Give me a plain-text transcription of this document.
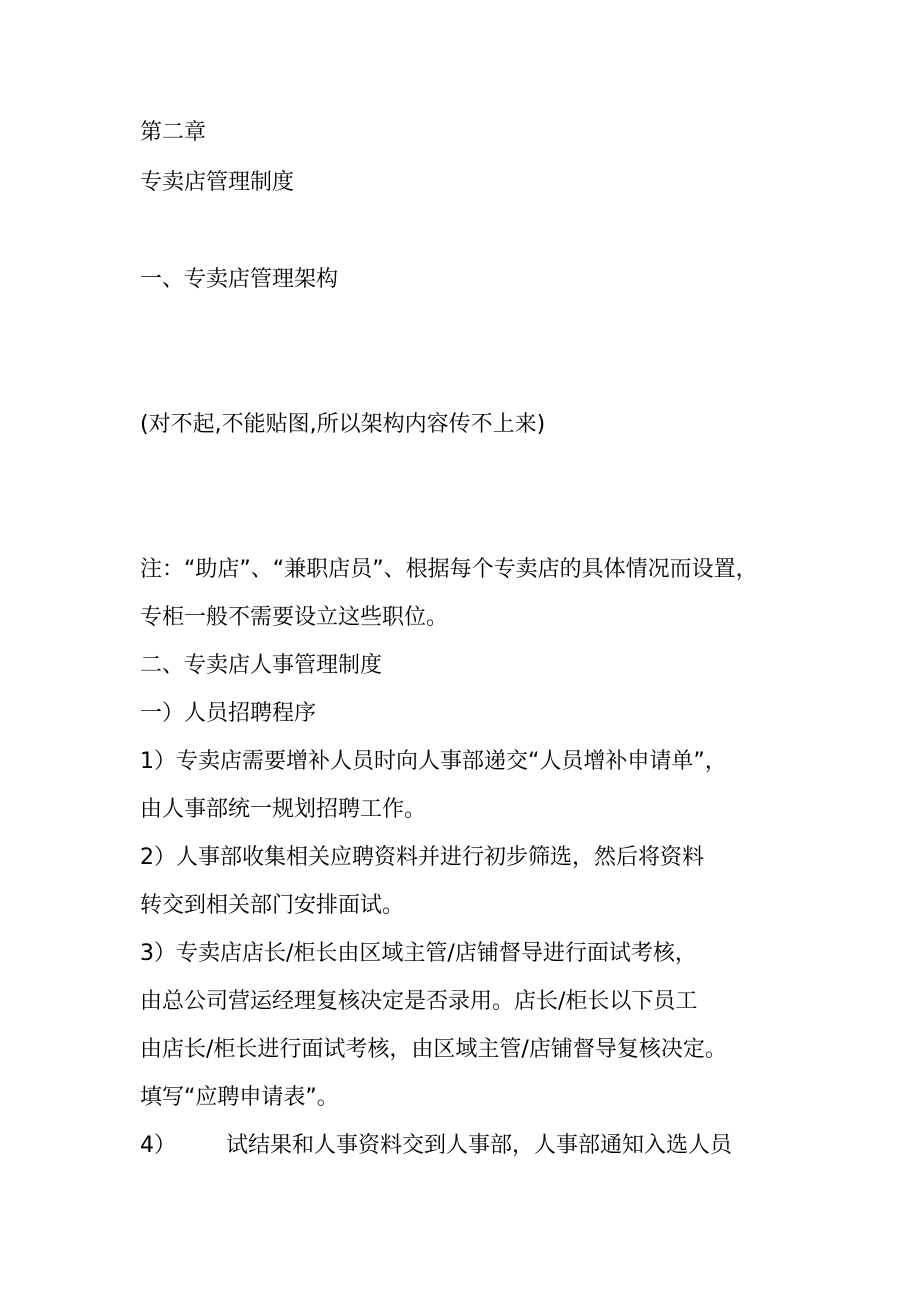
第二章

专卖店管理制度

一、专卖店管理架构

(对不起,不能贴图,所以架构内容传不上来)

注：“助店”、“兼职店员”、根据每个专卖店的具体情况而设置，

专柜一般不需要设立这些职位。

二、专卖店人事管理制度

一）人员招聘程序

1）专卖店需要增补人员时向人事部递交“人员增补申请单”，

由人事部统一规划招聘工作。

2）人事部收集相关应聘资料并进行初步筛选，然后将资料

转交到相关部门安排面试。

3）专卖店店长/柜长由区域主管/店铺督导进行面试考核，

由总公司营运经理复核决定是否录用。店长/柜长以下员工

由店长/柜长进行面试考核，由区域主管/店铺督导复核决定。

填写“应聘申请表”。

4） 试结果和人事资料交到人事部，人事部通知入选人员
